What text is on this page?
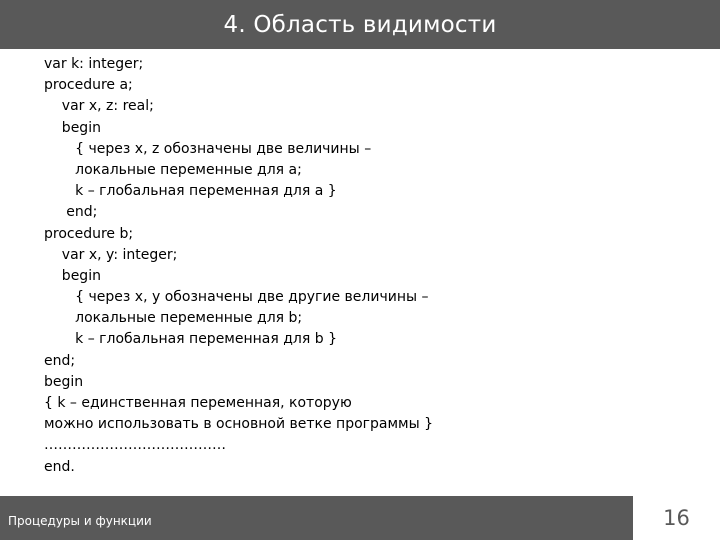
4. Область видимости
var k: integer;
procedure a;
var x, z: real;
begin
{ через x, z обозначены две величины –
локальные переменные для a;
k – глобальная переменная для a }
end;
procedure b;
var x, y: integer;
begin
{ через x, y обозначены две другие величины –
локальные переменные для b;
k – глобальная переменная для b }
end;
begin
{ k – единственная переменная, которую
можно использовать в основной ветке программы }
…………………………………
end.
Процедуры и функции	16
